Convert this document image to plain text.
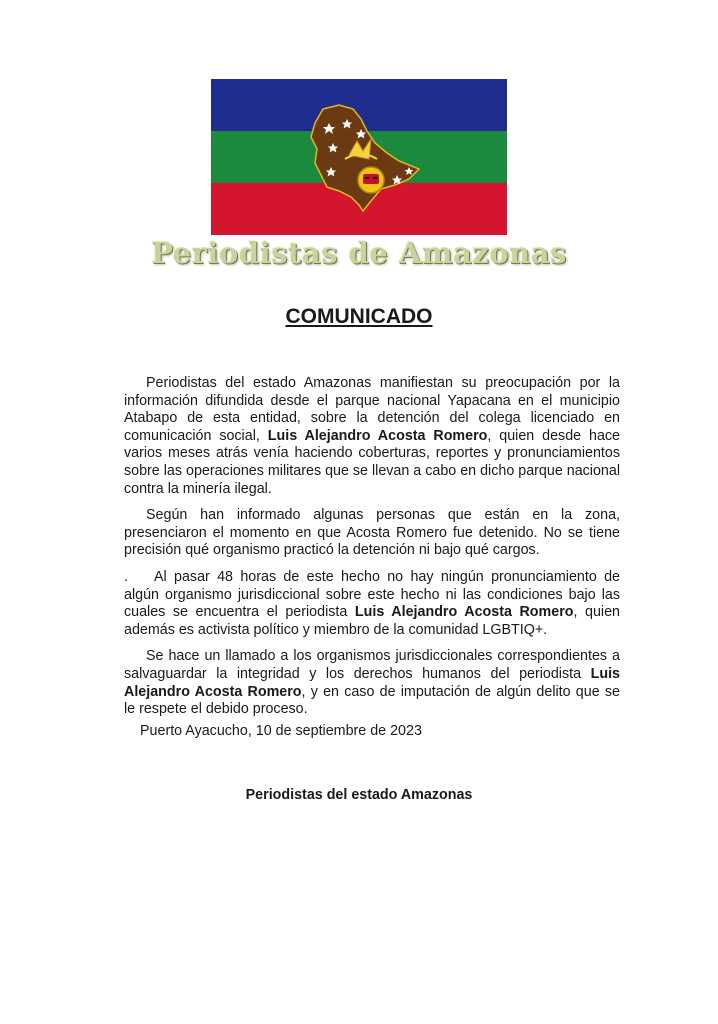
Periodistas de Amazonas
COMUNICADO

Periodistas del estado Amazonas manifiestan su preocupación por la información difundida desde el parque nacional Yapacana en el municipio Atabapo de esta entidad, sobre la detención del colega licenciado en comunicación social, Luis Alejandro Acosta Romero, quien desde hace varios meses atrás venía haciendo coberturas, reportes y pronunciamientos sobre las operaciones militares que se llevan a cabo en dicho parque nacional contra la minería ilegal.

Según han informado algunas personas que están en la zona, presenciaron el momento en que Acosta Romero fue detenido. No se tiene precisión qué organismo practicó la detención ni bajo qué cargos.

. Al pasar 48 horas de este hecho no hay ningún pronunciamiento de algún organismo jurisdiccional sobre este hecho ni las condiciones bajo las cuales se encuentra el periodista Luis Alejandro Acosta Romero, quien además es activista político y miembro de la comunidad LGBTIQ+.

Se hace un llamado a los organismos jurisdiccionales correspondientes a salvaguardar la integridad y los derechos humanos del periodista Luis Alejandro Acosta Romero, y en caso de imputación de algún delito que se le respete el debido proceso.

Puerto Ayacucho, 10 de septiembre de 2023
Periodistas del estado Amazonas
